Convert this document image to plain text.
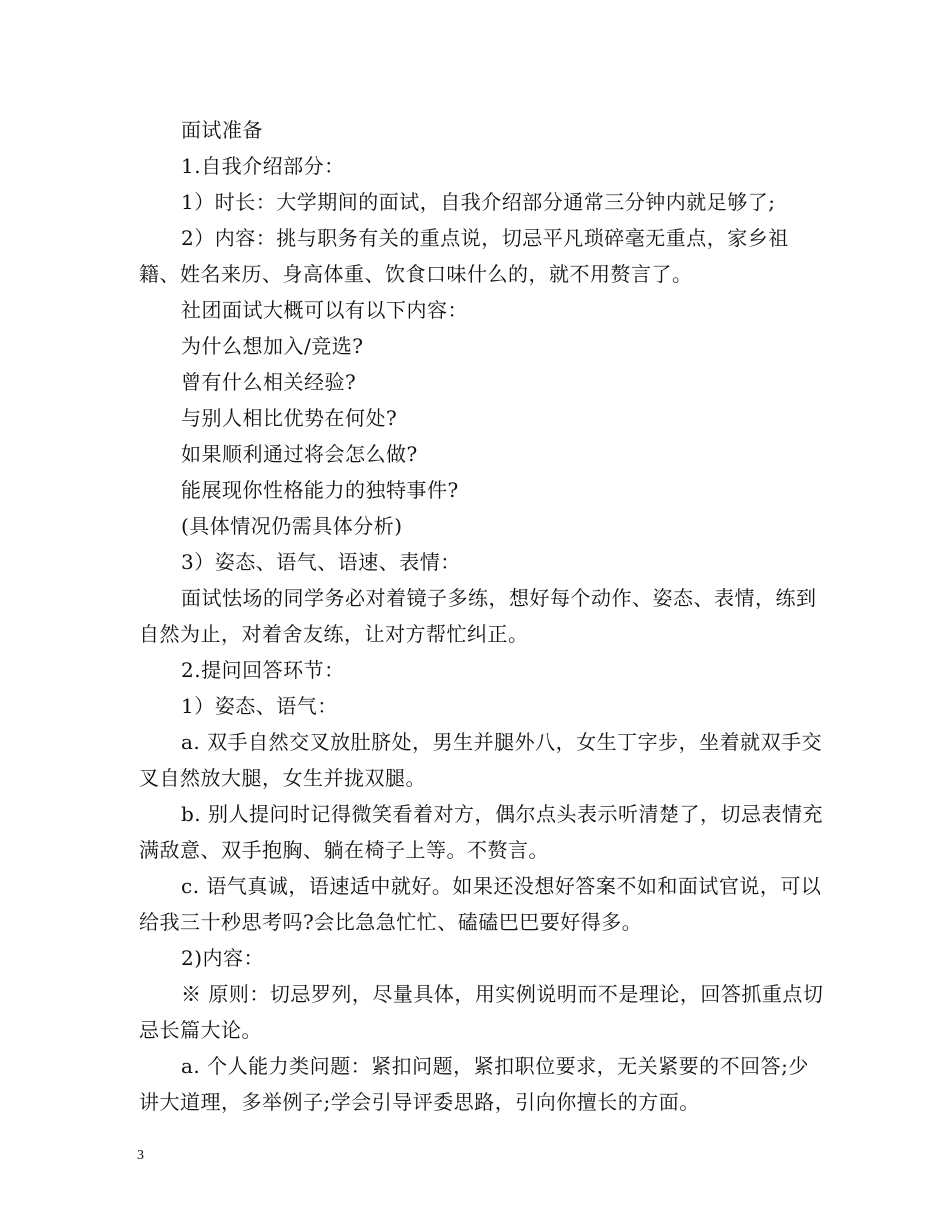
面试准备

1.自我介绍部分：

1）时长：大学期间的面试，自我介绍部分通常三分钟内就足够了;

2）内容：挑与职务有关的重点说，切忌平凡琐碎毫无重点，家乡祖籍、姓名来历、身高体重、饮食口味什么的，就不用赘言了。

社团面试大概可以有以下内容：

为什么想加入/竞选?

曾有什么相关经验?

与别人相比优势在何处?

如果顺利通过将会怎么做?

能展现你性格能力的独特事件?

(具体情况仍需具体分析)

3）姿态、语气、语速、表情：

面试怯场的同学务必对着镜子多练，想好每个动作、姿态、表情，练到自然为止，对着舍友练，让对方帮忙纠正。

2.提问回答环节：

1）姿态、语气：

a. 双手自然交叉放肚脐处，男生并腿外八，女生丁字步，坐着就双手交叉自然放大腿，女生并拢双腿。

b. 别人提问时记得微笑看着对方，偶尔点头表示听清楚了，切忌表情充满敌意、双手抱胸、躺在椅子上等。不赘言。

c. 语气真诚，语速适中就好。如果还没想好答案不如和面试官说，可以给我三十秒思考吗?会比急急忙忙、磕磕巴巴要好得多。

2)内容：

※ 原则：切忌罗列，尽量具体，用实例说明而不是理论，回答抓重点切忌长篇大论。

a. 个人能力类问题：紧扣问题，紧扣职位要求，无关紧要的不回答;少讲大道理，多举例子;学会引导评委思路，引向你擅长的方面。

3
